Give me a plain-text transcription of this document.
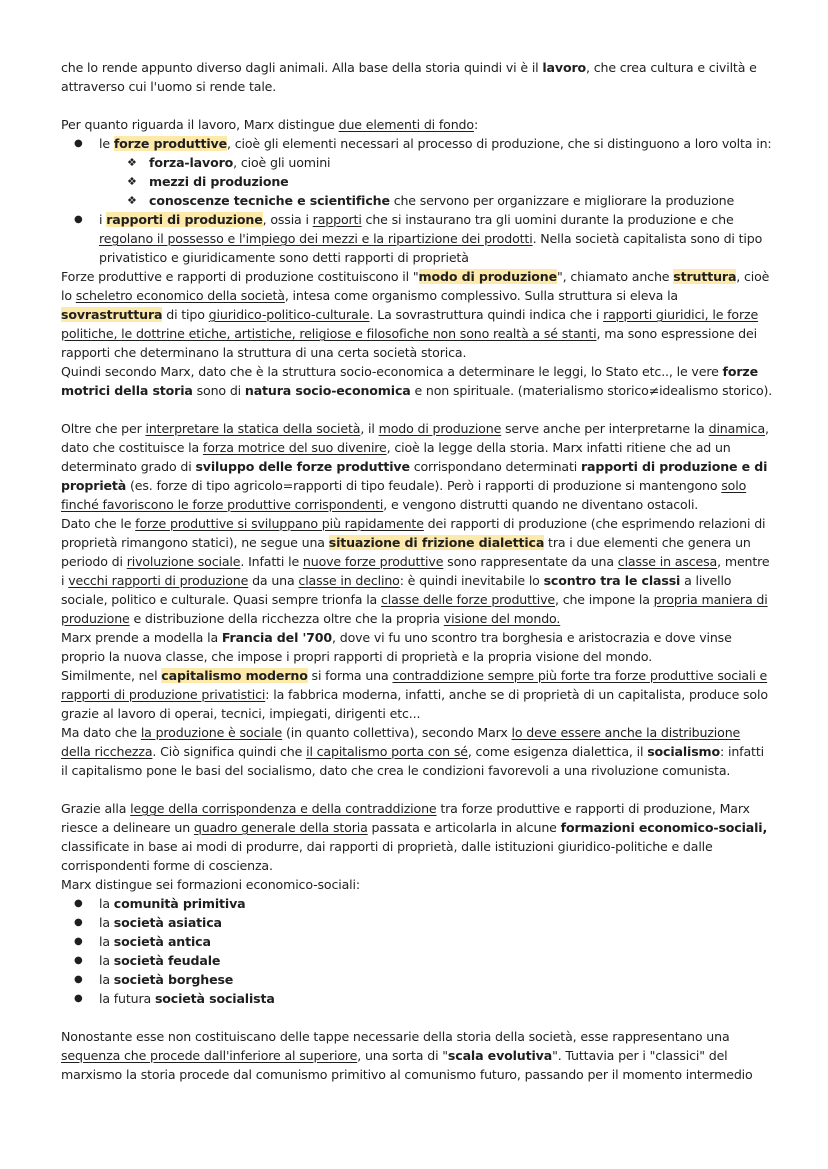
che lo rende appunto diverso dagli animali. Alla base della storia quindi vi è il lavoro, che crea cultura e civiltà e attraverso cui l'uomo si rende tale.

Per quanto riguarda il lavoro, Marx distingue due elementi di fondo:

● le forze produttive, cioè gli elementi necessari al processo di produzione, che si distinguono a loro volta in:
❖ forza-lavoro, cioè gli uomini
❖ mezzi di produzione
❖ conoscenze tecniche e scientifiche che servono per organizzare e migliorare la produzione
● i rapporti di produzione, ossia i rapporti che si instaurano tra gli uomini durante la produzione e che regolano il possesso e l'impiego dei mezzi e la ripartizione dei prodotti. Nella società capitalista sono di tipo privatistico e giuridicamente sono detti rapporti di proprietà

Forze produttive e rapporti di produzione costituiscono il "modo di produzione", chiamato anche struttura, cioè lo scheletro economico della società, intesa come organismo complessivo. Sulla struttura si eleva la sovrastruttura di tipo giuridico-politico-culturale. La sovrastruttura quindi indica che i rapporti giuridici, le forze politiche, le dottrine etiche, artistiche, religiose e filosofiche non sono realtà a sé stanti, ma sono espressione dei rapporti che determinano la struttura di una certa società storica.

Quindi secondo Marx, dato che è la struttura socio-economica a determinare le leggi, lo Stato etc.., le vere forze motrici della storia sono di natura socio-economica e non spirituale. (materialismo storico≠idealismo storico).

Oltre che per interpretare la statica della società, il modo di produzione serve anche per interpretarne la dinamica, dato che costituisce la forza motrice del suo divenire, cioè la legge della storia. Marx infatti ritiene che ad un determinato grado di sviluppo delle forze produttive corrispondano determinati rapporti di produzione e di proprietà (es. forze di tipo agricolo=rapporti di tipo feudale). Però i rapporti di produzione si mantengono solo finché favoriscono le forze produttive corrispondenti, e vengono distrutti quando ne diventano ostacoli.

Dato che le forze produttive si sviluppano più rapidamente dei rapporti di produzione (che esprimendo relazioni di proprietà rimangono statici), ne segue una situazione di frizione dialettica tra i due elementi che genera un periodo di rivoluzione sociale. Infatti le nuove forze produttive sono rappresentate da una classe in ascesa, mentre i vecchi rapporti di produzione da una classe in declino: è quindi inevitabile lo scontro tra le classi a livello sociale, politico e culturale. Quasi sempre trionfa la classe delle forze produttive, che impone la propria maniera di produzione e distribuzione della ricchezza oltre che la propria visione del mondo.

Marx prende a modella la Francia del '700, dove vi fu uno scontro tra borghesia e aristocrazia e dove vinse proprio la nuova classe, che impose i propri rapporti di proprietà e la propria visione del mondo.

Similmente, nel capitalismo moderno si forma una contraddizione sempre più forte tra forze produttive sociali e rapporti di produzione privatistici: la fabbrica moderna, infatti, anche se di proprietà di un capitalista, produce solo grazie al lavoro di operai, tecnici, impiegati, dirigenti etc...

Ma dato che la produzione è sociale (in quanto collettiva), secondo Marx lo deve essere anche la distribuzione della ricchezza. Ciò significa quindi che il capitalismo porta con sé, come esigenza dialettica, il socialismo: infatti il capitalismo pone le basi del socialismo, dato che crea le condizioni favorevoli a una rivoluzione comunista.

Grazie alla legge della corrispondenza e della contraddizione tra forze produttive e rapporti di produzione, Marx riesce a delineare un quadro generale della storia passata e articolarla in alcune formazioni economico-sociali, classificate in base ai modi di produrre, dai rapporti di proprietà, dalle istituzioni giuridico-politiche e dalle corrispondenti forme di coscienza.

Marx distingue sei formazioni economico-sociali:

● la comunità primitiva
● la società asiatica
● la società antica
● la società feudale
● la società borghese
● la futura società socialista

Nonostante esse non costituiscano delle tappe necessarie della storia della società, esse rappresentano una sequenza che procede dall'inferiore al superiore, una sorta di "scala evolutiva". Tuttavia per i "classici" del marxismo la storia procede dal comunismo primitivo al comunismo futuro, passando per il momento intermedio
